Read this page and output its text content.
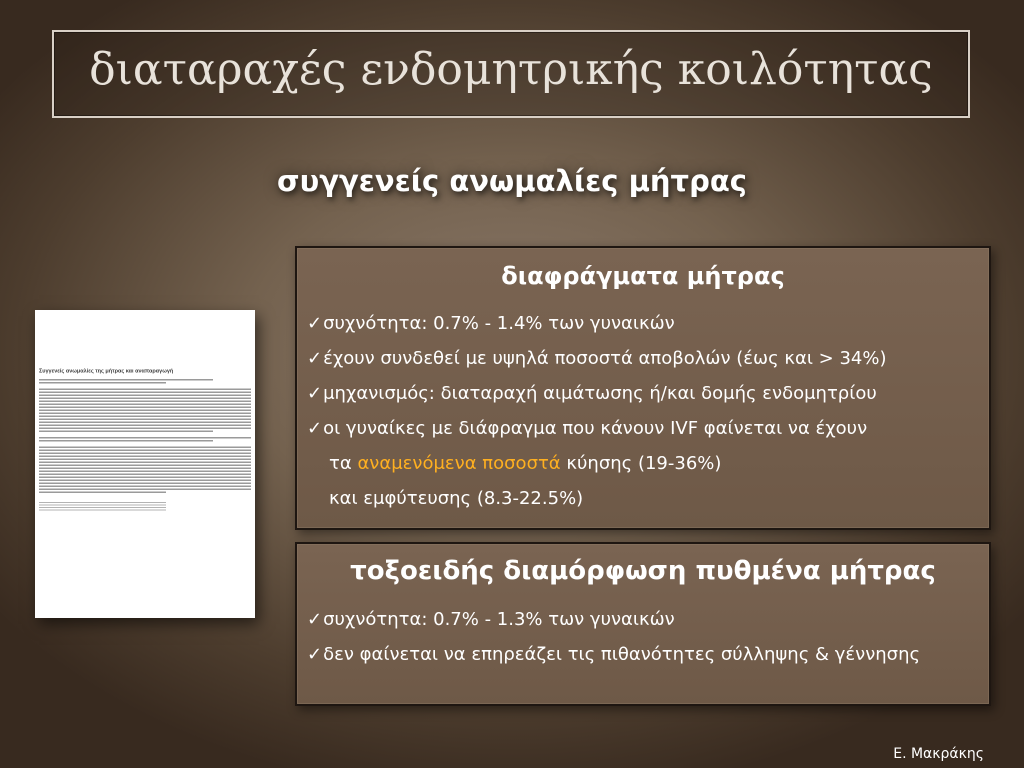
διαταραχές ενδομητρικής κοιλότητας
συγγενείς ανωμαλίες μήτρας
Συγγενείς ανωμαλίες της μήτρας και αναπαραγωγή
διαφράγματα μήτρας
✓συχνότητα: 0.7% - 1.4% των γυναικών
✓έχουν συνδεθεί με υψηλά ποσοστά αποβολών (έως και > 34%)
✓μηχανισμός: διαταραχή αιμάτωσης ή/και δομής ενδομητρίου
✓οι γυναίκες με διάφραγμα που κάνουν IVF φαίνεται να έχουν
τα αναμενόμενα ποσοστά κύησης (19-36%)
και εμφύτευσης (8.3-22.5%)
τοξοειδής διαμόρφωση πυθμένα μήτρας
✓συχνότητα: 0.7% - 1.3% των γυναικών
✓δεν φαίνεται να επηρεάζει τις πιθανότητες σύλληψης & γέννησης
Ε. Μακράκης
